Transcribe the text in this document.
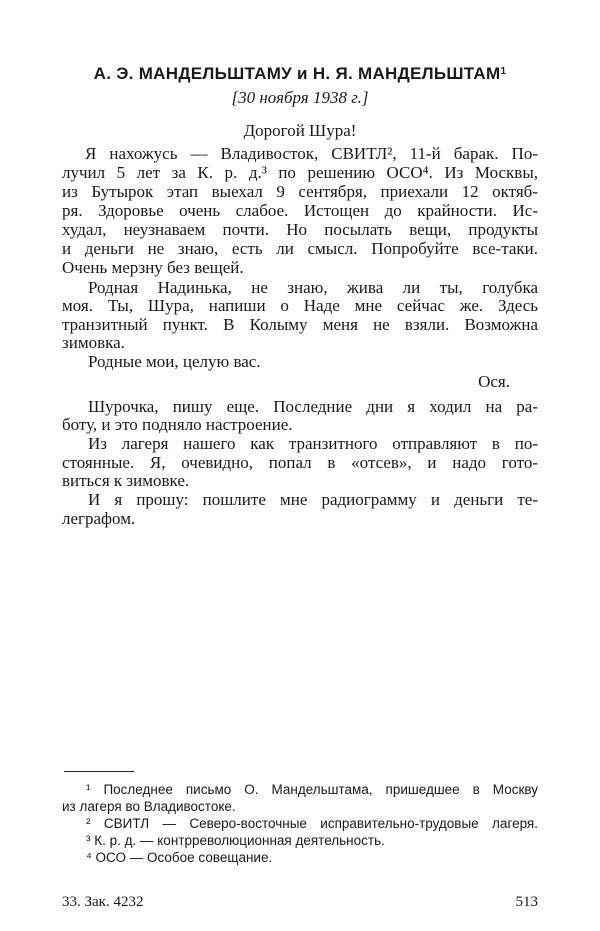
А. Э. МАНДЕЛЬШТАМУ и Н. Я. МАНДЕЛЬШТАМ$^1$
[30 ноября 1938 г.]
Дорогой Шура!
Я нахожусь — Владивосток, СВИТЛ², 11-й барак. По-
лучил 5 лет за К. р. д.³ по решению ОСО⁴. Из Москвы,
из Бутырок этап выехал 9 сентября, приехали 12 октяб-
ря. Здоровье очень слабое. Истощен до крайности. Ис-
худал, неузнаваем почти. Но посылать вещи, продукты
и деньги не знаю, есть ли смысл. Попробуйте все-таки.
Очень мерзну без вещей.
Родная Надинька, не знаю, жива ли ты, голубка
моя. Ты, Шура, напиши о Наде мне сейчас же. Здесь
транзитный пункт. В Колыму меня не взяли. Возможна
зимовка.
Родные мои, целую вас.
Ося.
Шурочка, пишу еще. Последние дни я ходил на ра-
боту, и это подняло настроение.
Из лагеря нашего как транзитного отправляют в по-
стоянные. Я, очевидно, попал в «отсев», и надо гото-
виться к зимовке.
И я прошу: пошлите мне радиограмму и деньги те-
леграфом.
¹ Последнее письмо О. Мандельштама, пришедшее в Москву
из лагеря во Владивостоке.
² СВИТЛ — Северо-восточные исправительно-трудовые лагеря.
³ К. р. д. — контрреволюционная деятельность.
⁴ ОСО — Особое совещание.
33. Зак. 4232	513
